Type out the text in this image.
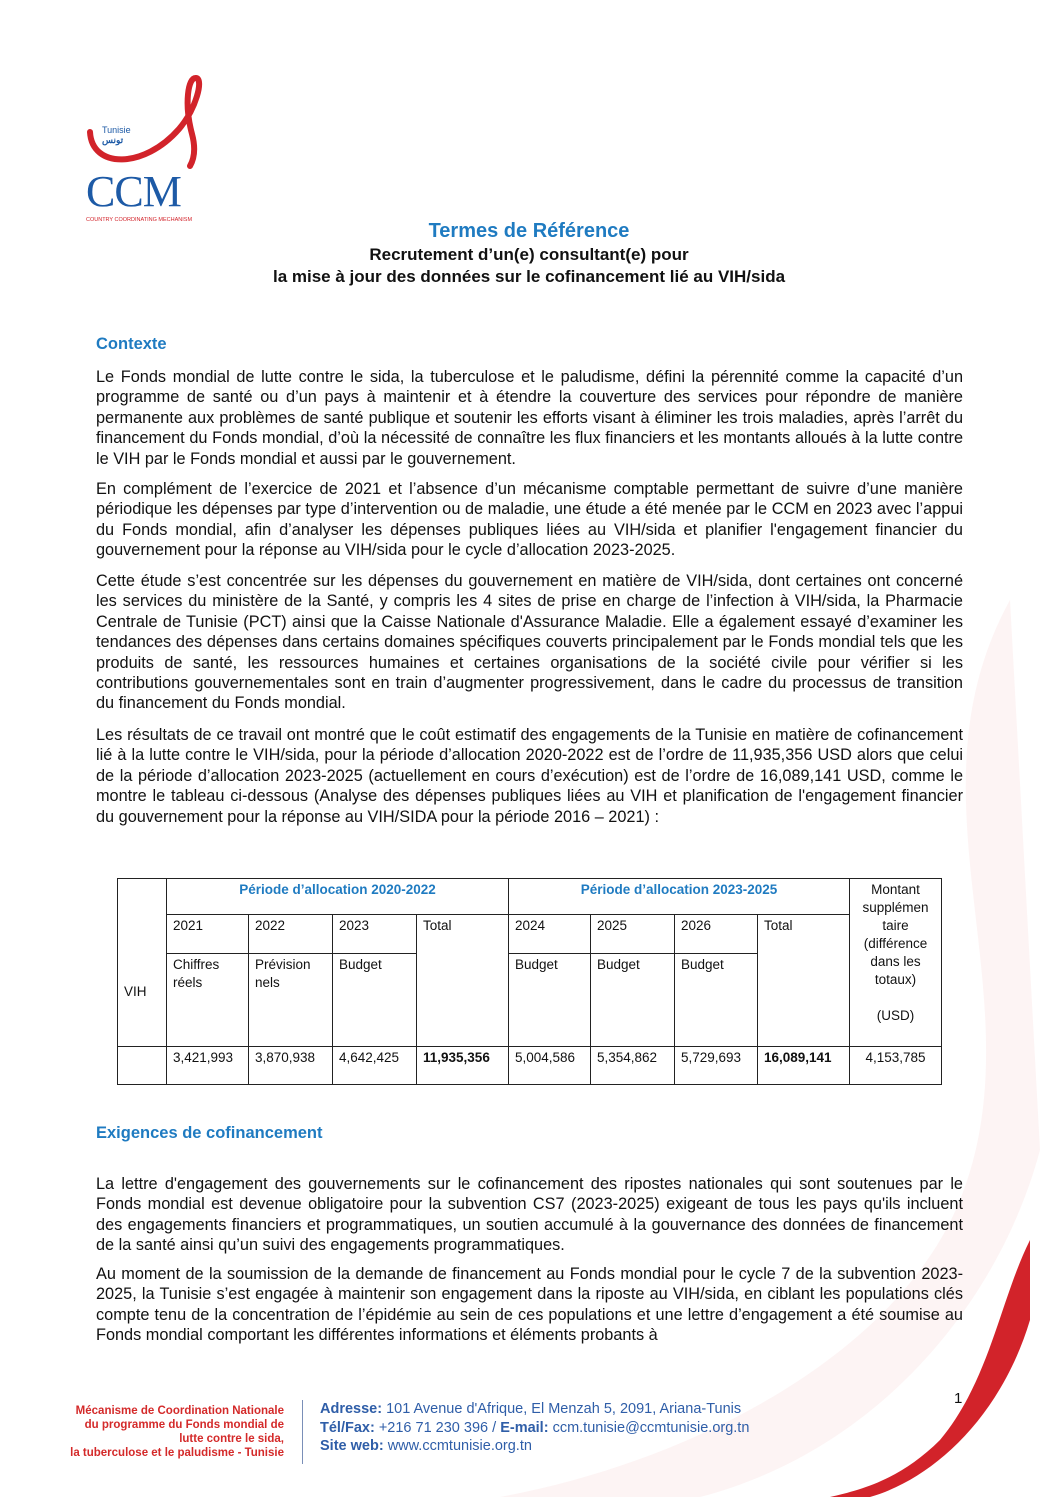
Tunisie
تونس
CCM
COUNTRY COORDINATING MECHANISM	Termes de Référence
Recrutement d’un(e) consultant(e) pour
la mise à jour des données sur le cofinancement lié au VIH/sida
Contexte
Le Fonds mondial de lutte contre le sida, la tuberculose et le paludisme, défini la pérennité comme la capacité d’un programme de santé ou d’un pays à maintenir et à étendre la couverture des services pour répondre de manière permanente aux problèmes de santé publique et soutenir les efforts visant à éliminer les trois maladies, après l’arrêt du financement du Fonds mondial, d’où la nécessité de connaître les flux financiers et les montants alloués à la lutte contre le VIH par le Fonds mondial et aussi par le gouvernement.
En complément de l’exercice de 2021 et l’absence d’un mécanisme comptable permettant de suivre d’une manière périodique les dépenses par type d’intervention ou de maladie, une étude a été menée par le CCM en 2023 avec l’appui du Fonds mondial, afin d’analyser les dépenses publiques liées au VIH/sida et planifier l'engagement financier du gouvernement pour la réponse au VIH/sida pour le cycle d’allocation 2023-2025.
Cette étude s’est concentrée sur les dépenses du gouvernement en matière de VIH/sida, dont certaines ont concerné les services du ministère de la Santé, y compris les 4 sites de prise en charge de l’infection à VIH/sida, la Pharmacie Centrale de Tunisie (PCT) ainsi que la Caisse Nationale d'Assurance Maladie. Elle a également essayé d’examiner les tendances des dépenses dans certains domaines spécifiques couverts principalement par le Fonds mondial tels que les produits de santé, les ressources humaines et certaines organisations de la société civile pour vérifier si les contributions gouvernementales sont en train d’augmenter progressivement, dans le cadre du processus de transition du financement du Fonds mondial.
Les résultats de ce travail ont montré que le coût estimatif des engagements de la Tunisie en matière de cofinancement lié à la lutte contre le VIH/sida, pour la période d’allocation 2020-2022 est de l’ordre de 11,935,356 USD alors que celui de la période d’allocation 2023-2025 (actuellement en cours d’exécution) est de l’ordre de 16,089,141 USD, comme le montre le tableau ci-dessous (Analyse des dépenses publiques liées au VIH et planification de l'engagement financier du gouvernement pour la réponse au VIH/SIDA pour la période 2016 – 2021) :
VIH	Période d’allocation 2020-2022				Période d’allocation 2023-2025				Montant supplémen taire (différence dans les totaux)

(USD)
	2021	2022	2023	Total	2024	2025	2026	Total	
	Chiffres réels	Prévision nels	Budget		Budget	Budget	Budget		
	3,421,993	3,870,938	4,642,425	11,935,356	5,004,586	5,354,862	5,729,693	16,089,141	4,153,785
Exigences de cofinancement
La lettre d'engagement des gouvernements sur le cofinancement des ripostes nationales qui sont soutenues par le Fonds mondial est devenue obligatoire pour la subvention CS7 (2023-2025) exigeant de tous les pays qu'ils incluent des engagements financiers et programmatiques, un soutien accumulé à la gouvernance des données de financement de la santé ainsi qu’un suivi des engagements programmatiques.
Au moment de la soumission de la demande de financement au Fonds mondial pour le cycle 7 de la subvention 2023-2025, la Tunisie s’est engagée à maintenir son engagement dans la riposte au VIH/sida, en ciblant les populations clés compte tenu de la concentration de l’épidémie au sein de ces populations et une lettre d’engagement a été soumise au Fonds mondial comportant les différentes informations et éléments probants à
Mécanisme de Coordination Nationale
du programme du Fonds mondial de
lutte contre le sida,
la tuberculose et le paludisme - Tunisie
Adresse: 101 Avenue d'Afrique, El Menzah 5, 2091, Ariana-Tunis
Tél/Fax: +216 71 230 396 / E-mail: ccm.tunisie@ccmtunisie.org.tn
Site web: www.ccmtunisie.org.tn
1
